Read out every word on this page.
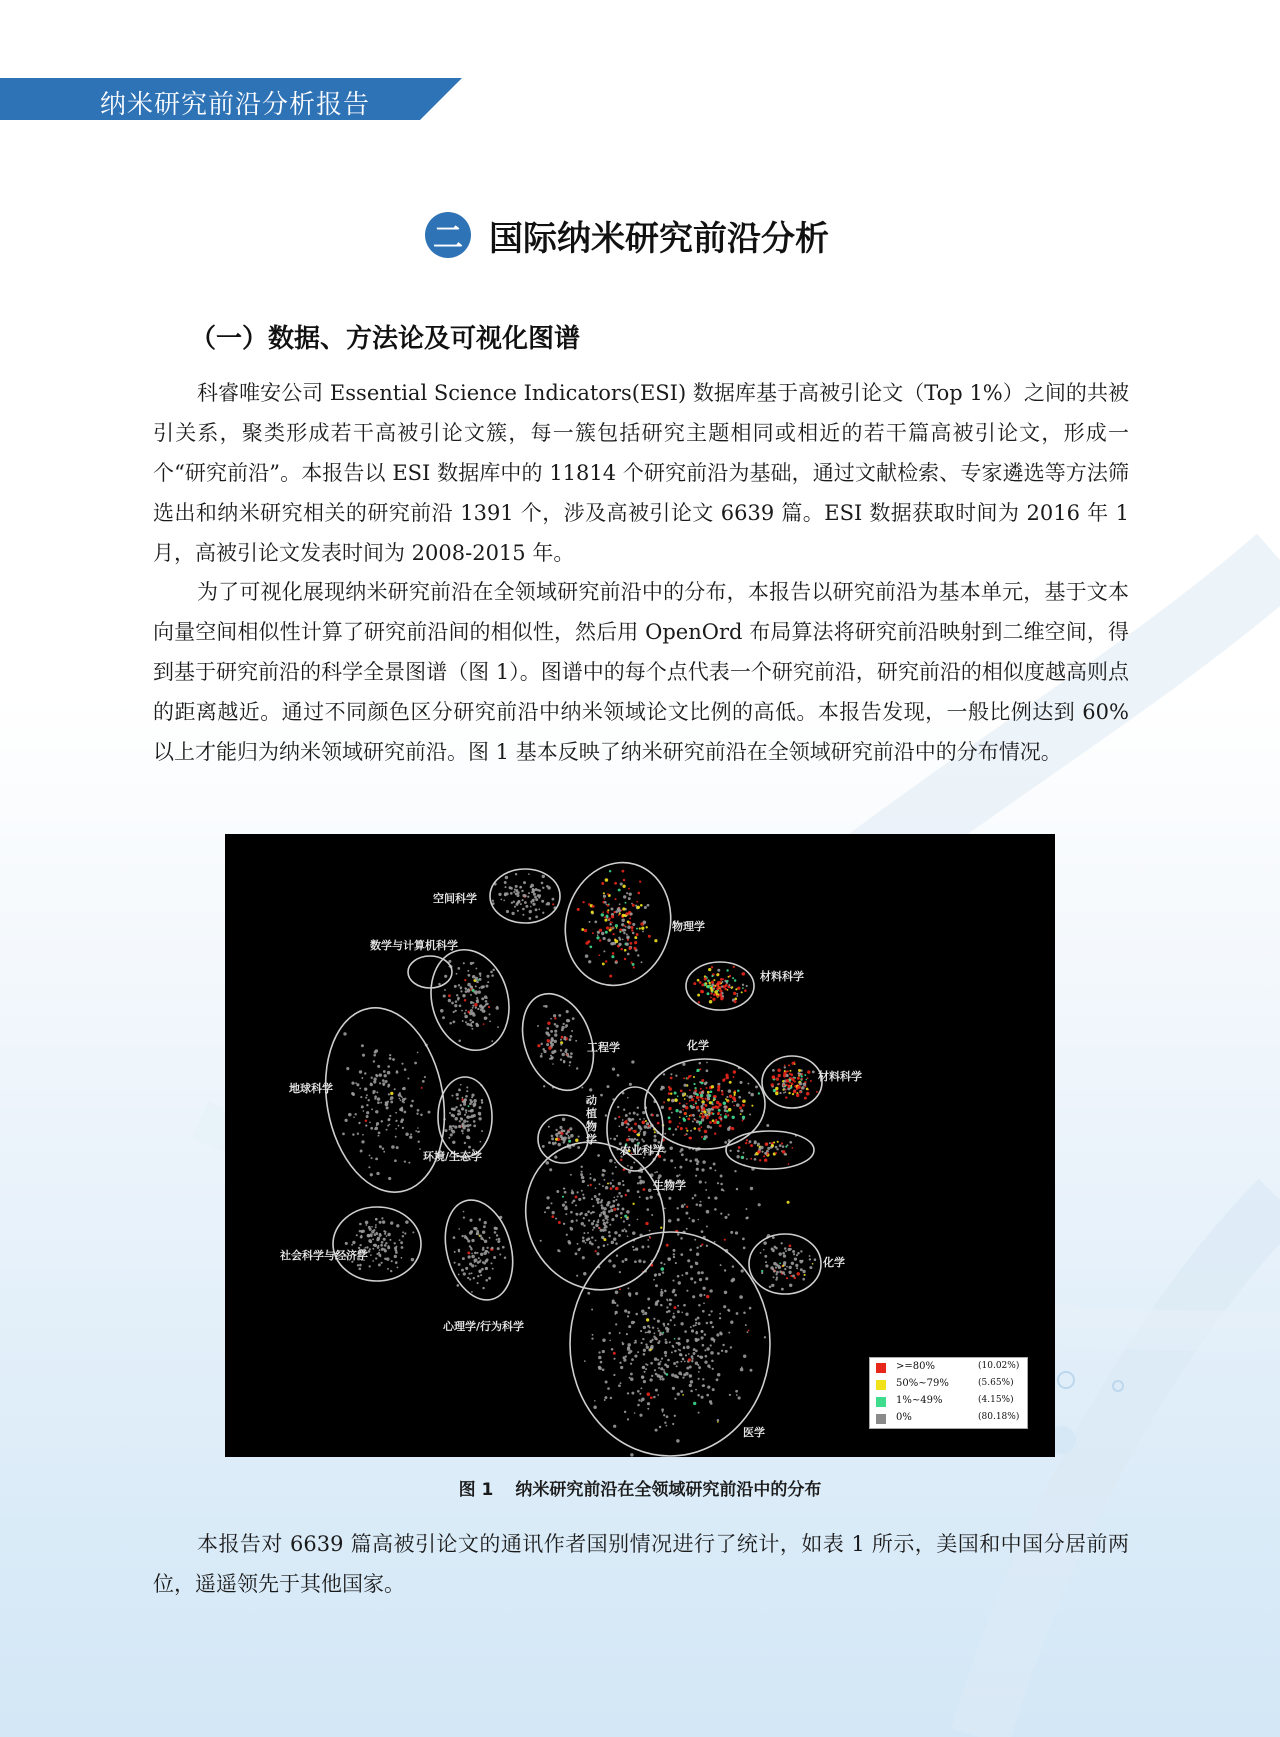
纳米研究前沿分析报告
二 国际纳米研究前沿分析
（一）数据、方法论及可视化图谱

科睿唯安公司 Essential Science Indicators(ESI) 数据库基于高被引论文（Top 1%）之间的共被引关系，聚类形成若干高被引论文簇，每一簇包括研究主题相同或相近的若干篇高被引论文，形成一个“研究前沿”。本报告以 ESI 数据库中的 11814 个研究前沿为基础，通过文献检索、专家遴选等方法筛选出和纳米研究相关的研究前沿 1391 个，涉及高被引论文 6639 篇。ESI 数据获取时间为 2016 年 1 月，高被引论文发表时间为 2008-2015 年。

为了可视化展现纳米研究前沿在全领域研究前沿中的分布，本报告以研究前沿为基本单元，基于文本向量空间相似性计算了研究前沿间的相似性，然后用 OpenOrd 布局算法将研究前沿映射到二维空间，得到基于研究前沿的科学全景图谱（图 1）。图谱中的每个点代表一个研究前沿，研究前沿的相似度越高则点的距离越近。通过不同颜色区分研究前沿中纳米领域论文比例的高低。本报告发现，一般比例达到 60% 以上才能归为纳米领域研究前沿。图 1 基本反映了纳米研究前沿在全领域研究前沿中的分布情况。

空间科学
数学与计算机科学
物理学
材料科学
工程学	化学
材料科学
地球科学
动
植
物
学
农业科学
环境/生态学
生物学
化学
社会科学与经济学
心理学/行为科学
医学
>=80%	(10.02%)
50%~79%	(5.65%)
1%~49%	(4.15%)
0%	(80.18%)
图 1 纳米研究前沿在全领域研究前沿中的分布

本报告对 6639 篇高被引论文的通讯作者国别情况进行了统计，如表 1 所示，美国和中国分居前两位，遥遥领先于其他国家。
